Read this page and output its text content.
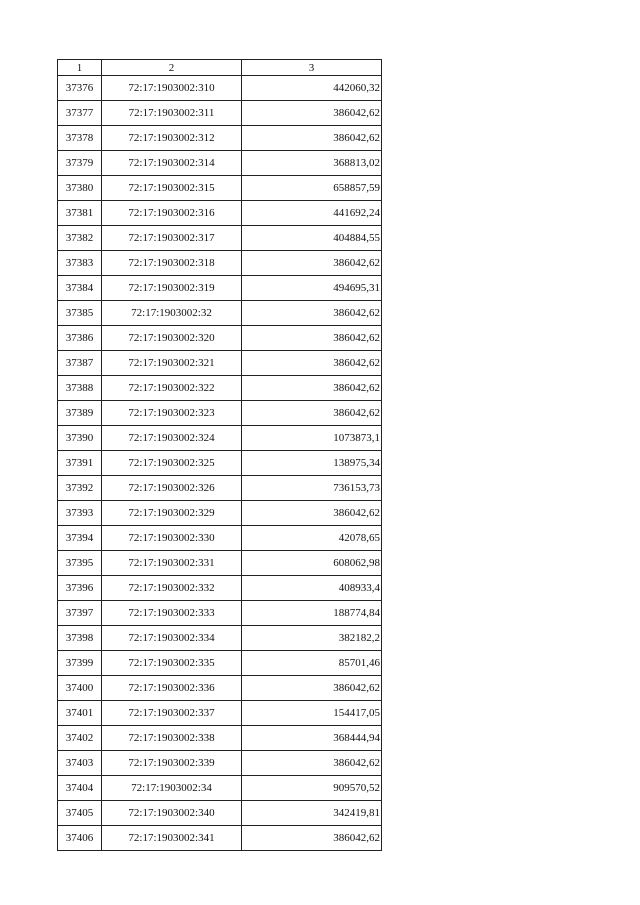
1	2	3
37376	72:17:1903002:310	442060,32
37377	72:17:1903002:311	386042,62
37378	72:17:1903002:312	386042,62
37379	72:17:1903002:314	368813,02
37380	72:17:1903002:315	658857,59
37381	72:17:1903002:316	441692,24
37382	72:17:1903002:317	404884,55
37383	72:17:1903002:318	386042,62
37384	72:17:1903002:319	494695,31
37385	72:17:1903002:32	386042,62
37386	72:17:1903002:320	386042,62
37387	72:17:1903002:321	386042,62
37388	72:17:1903002:322	386042,62
37389	72:17:1903002:323	386042,62
37390	72:17:1903002:324	1073873,1
37391	72:17:1903002:325	138975,34
37392	72:17:1903002:326	736153,73
37393	72:17:1903002:329	386042,62
37394	72:17:1903002:330	42078,65
37395	72:17:1903002:331	608062,98
37396	72:17:1903002:332	408933,4
37397	72:17:1903002:333	188774,84
37398	72:17:1903002:334	382182,2
37399	72:17:1903002:335	85701,46
37400	72:17:1903002:336	386042,62
37401	72:17:1903002:337	154417,05
37402	72:17:1903002:338	368444,94
37403	72:17:1903002:339	386042,62
37404	72:17:1903002:34	909570,52
37405	72:17:1903002:340	342419,81
37406	72:17:1903002:341	386042,62
